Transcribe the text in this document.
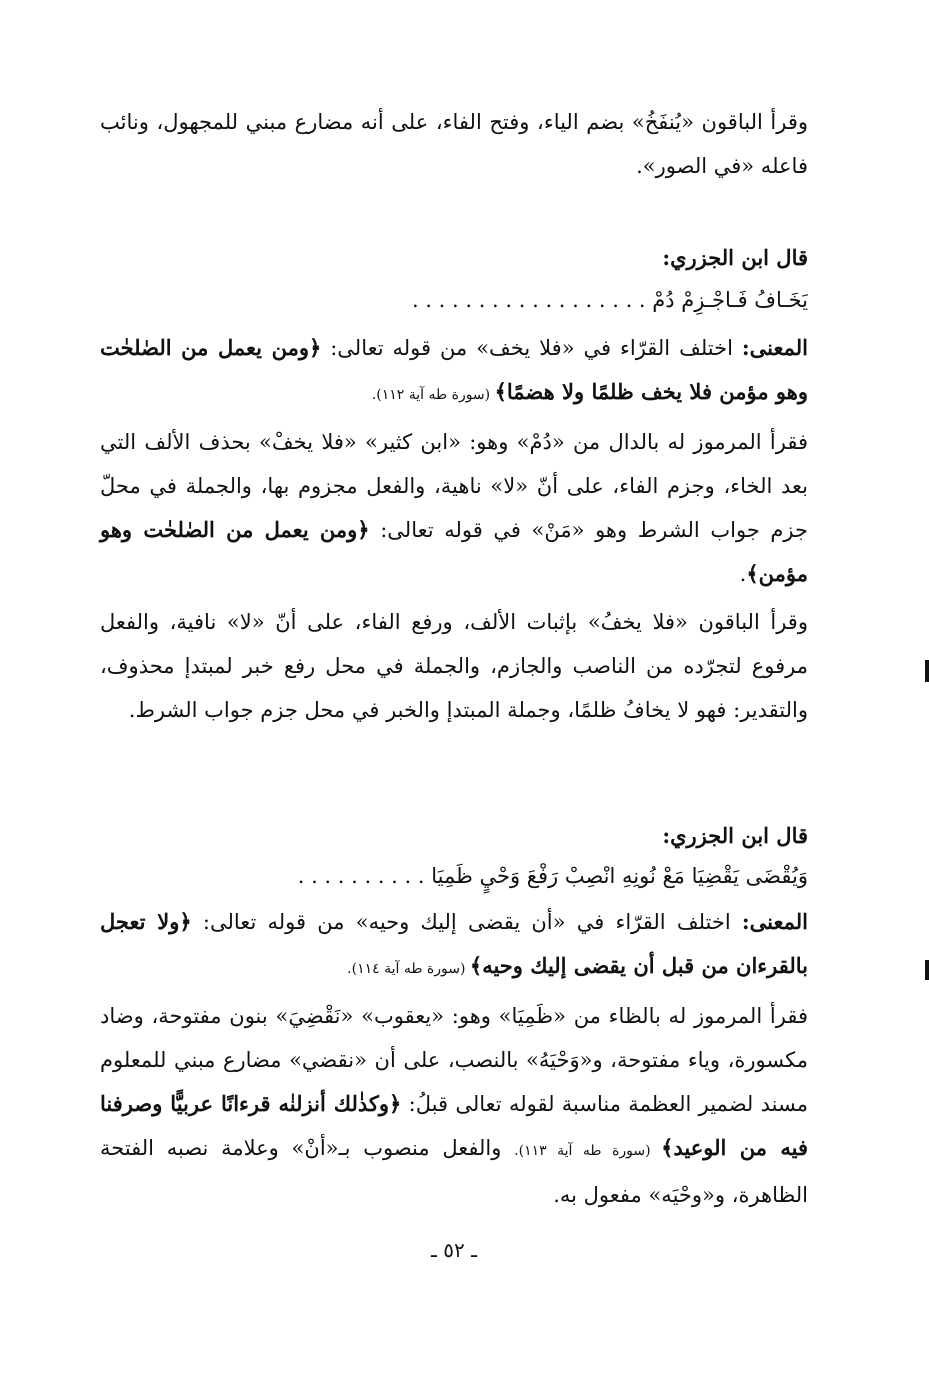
وقرأ الباقون «يُنفَخُ» بضم الياء، وفتح الفاء، على أنه مضارع مبني للمجهول، ونائب فاعله «في الصور».

قال ابن الجزري:

يَخَـافُ فَـاجْـزِمْ دُمْ . . . . . . . . . . . . . . . . . .

المعنى: اختلف القرّاء في «فلا يخف» من قوله تعالى: ﴿ومن يعمل من الصٰلحٰت وهو مؤمن فلا يخف ظلمًا ولا هضمًا﴾ (سورة طه آية ١١٢).

فقرأ المرموز له بالدال من «دُمْ» وهو: «ابن كثير» «فلا يخفْ» بحذف الألف التي بعد الخاء، وجزم الفاء، على أنّ «لا» ناهية، والفعل مجزوم بها، والجملة في محلّ جزم جواب الشرط وهو «مَنْ» في قوله تعالى: ﴿ومن يعمل من الصٰلحٰت وهو مؤمن﴾.

وقرأ الباقون «فلا يخفُ» بإثبات الألف، ورفع الفاء، على أنّ «لا» نافية، والفعل مرفوع لتجرّده من الناصب والجازم، والجملة في محل رفع خبر لمبتدإ محذوف، والتقدير: فهو لا يخافُ ظلمًا، وجملة المبتدإ والخبر في محل جزم جواب الشرط.

قال ابن الجزري:

وَيُقْضَى يَقْضِيَا مَعْ نُونِهِ انْصِبْ رَفْعَ وَحْيٍ ظَمِيَا . . . . . . . . . .

المعنى: اختلف القرّاء في «أن يقضى إليك وحيه» من قوله تعالى: ﴿ولا تعجل بالقرءان من قبل أن يقضى إليك وحيه﴾ (سورة طه آية ١١٤).

فقرأ المرموز له بالظاء من «ظَمِيَا» وهو: «يعقوب» «نَقْضِيَ» بنون مفتوحة، وضاد مكسورة، وياء مفتوحة، و«وَحْيَهُ» بالنصب، على أن «نقضي» مضارع مبني للمعلوم مسند لضمير العظمة مناسبة لقوله تعالى قبلُ: ﴿وكذٰلك أنزلنٰه قرءانًا عربيًّا وصرفنا فيه من الوعيد﴾ (سورة طه آية ١١٣). والفعل منصوب بـ«أنْ» وعلامة نصبه الفتحة الظاهرة، و«وحْيَه» مفعول به.

ـ ٥٢ ـ
